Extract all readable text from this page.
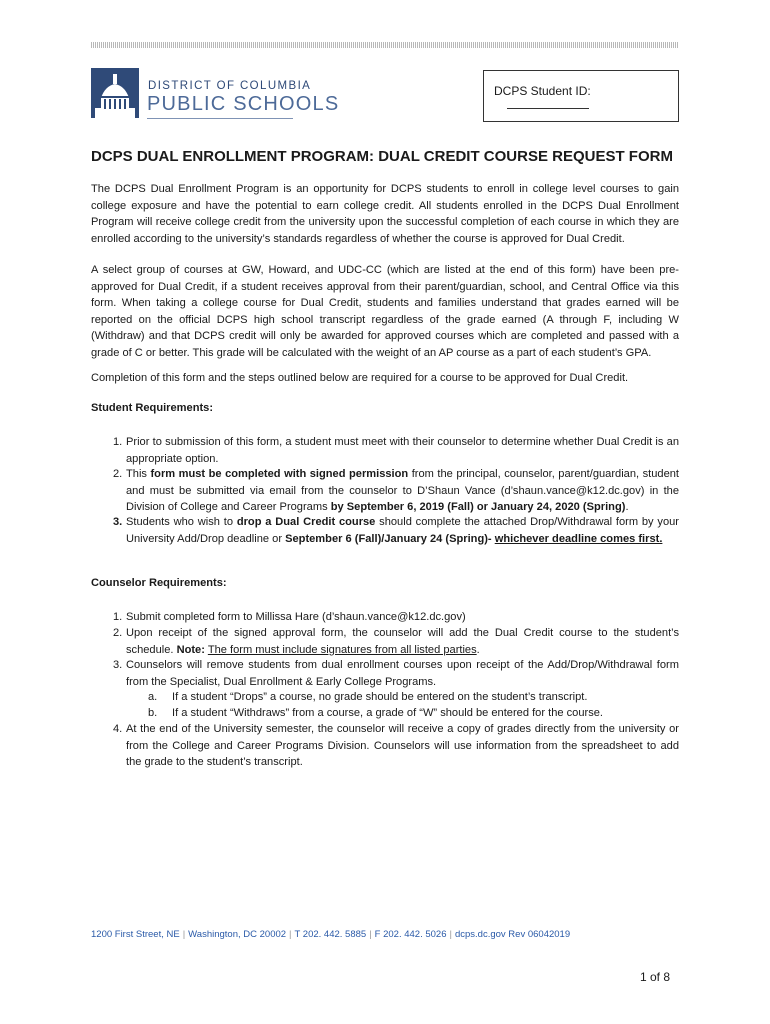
DISTRICT OF COLUMBIA
PUBLIC SCHOOLS
DCPS Student ID:
DCPS DUAL ENROLLMENT PROGRAM: DUAL CREDIT COURSE REQUEST FORM
The DCPS Dual Enrollment Program is an opportunity for DCPS students to enroll in college level courses to gain college exposure and have the potential to earn college credit. All students enrolled in the DCPS Dual Enrollment Program will receive college credit from the university upon the successful completion of each course in which they are enrolled according to the university’s standards regardless of whether the course is approved for Dual Credit.
A select group of courses at GW, Howard, and UDC-CC (which are listed at the end of this form) have been pre-approved for Dual Credit, if a student receives approval from their parent/guardian, school, and Central Office via this form. When taking a college course for Dual Credit, students and families understand that grades earned will be reported on the official DCPS high school transcript regardless of the grade earned (A through F, including W (Withdraw) and that DCPS credit will only be awarded for approved courses which are completed and passed with a grade of C or better. This grade will be calculated with the weight of an AP course as a part of each student’s GPA.
Completion of this form and the steps outlined below are required for a course to be approved for Dual Credit.
Student Requirements:
1. Prior to submission of this form, a student must meet with their counselor to determine whether Dual Credit is an appropriate option.
2. This form must be completed with signed permission from the principal, counselor, parent/guardian, student and must be submitted via email from the counselor to D’Shaun Vance (d’shaun.vance@k12.dc.gov) in the Division of College and Career Programs by September 6, 2019 (Fall) or January 24, 2020 (Spring).
3. Students who wish to drop a Dual Credit course should complete the attached Drop/Withdrawal form by your University Add/Drop deadline or September 6 (Fall)/January 24 (Spring)- whichever deadline comes first.
Counselor Requirements:
1. Submit completed form to Millissa Hare (d’shaun.vance@k12.dc.gov)
2. Upon receipt of the signed approval form, the counselor will add the Dual Credit course to the student’s schedule. Note: The form must include signatures from all listed parties.
3. Counselors will remove students from dual enrollment courses upon receipt of the Add/Drop/Withdrawal form from the Specialist, Dual Enrollment & Early College Programs.
a. If a student “Drops” a course, no grade should be entered on the student’s transcript.
b. If a student “Withdraws” from a course, a grade of “W” should be entered for the course.
4. At the end of the University semester, the counselor will receive a copy of grades directly from the university or from the College and Career Programs Division. Counselors will use information from the spreadsheet to add the grade to the student’s transcript.
1200 First Street, NE | Washington, DC 20002 | T 202. 442. 5885 | F 202. 442. 5026 | dcps.dc.gov Rev 06042019
1 of 8
